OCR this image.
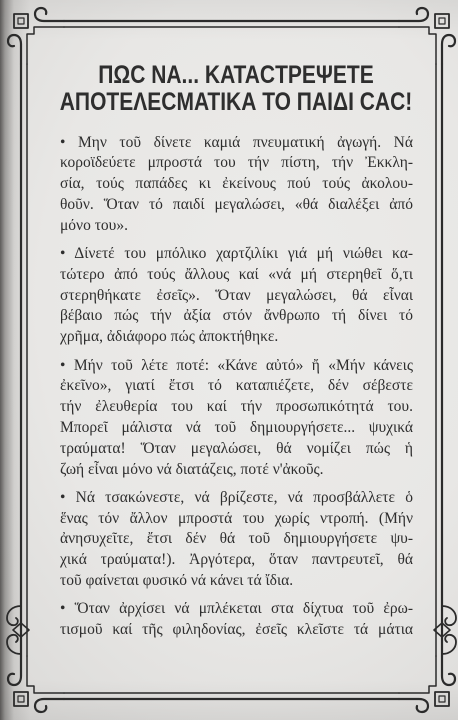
ΠΩϹ ΝΑ... ΚΑΤΑϹΤΡΕΨΕΤΕ
ΑΠΟΤΕΛΕϹΜΑΤΙΚΑ ΤΟ ΠΑΙΔΙ ϹΑϹ!
• Μην τοῦ δίνετε καμιά πνευματική ἀγωγή. Νά
κοροϊδεύετε μπροστά του τήν πίστη, τήν Ἐκκλη-
σία, τούς παπάδες κι ἐκείνους πού τούς ἀκολου-
θοῦν. Ὅταν τό παιδί μεγαλώσει, «θά διαλέξει ἀπό
μόνο του».
• Δίνετέ του μπόλικο χαρτζιλίκι γιά μή νιώθει κα-
τώτερο ἀπό τούς ἄλλους καί «νά μή στερηθεῖ ὅ,τι
στερηθήκατε ἐσεῖς». Ὅταν μεγαλώσει, θά εἶναι
βέβαιο πώς τήν ἀξία στόν ἄνθρωπο τή δίνει τό
χρῆμα, ἀδιάφορο πώς ἀποκτήθηκε.
• Μήν τοῦ λέτε ποτέ: «Κάνε αὐτό» ἤ «Μήν κάνεις
ἐκεῖνο», γιατί ἔτσι τό καταπιέζετε, δέν σέβεστε
τήν ἐλευθερία του καί τήν προσωπικότητά του.
Μπορεῖ μάλιστα νά τοῦ δημιουργήσετε... ψυχικά
τραύματα! Ὅταν μεγαλώσει, θά νομίζει πώς ἡ
ζωή εἶναι μόνο νά διατάζεις, ποτέ ν'ἀκοῦς.
• Νά τσακώνεστε, νά βρίζεστε, νά προσβάλλετε ὁ
ἕνας τόν ἄλλον μπροστά του χωρίς ντροπή. (Μήν
ἀνησυχεῖτε, ἔτσι δέν θά τοῦ δημιουργήσετε ψυ-
χικά τραύματα!). Ἀργότερα, ὅταν παντρευτεῖ, θά
τοῦ φαίνεται φυσικό νά κάνει τά ἴδια.
• Ὅταν ἀρχίσει νά μπλέκεται στα δίχτυα τοῦ ἐρω-
τισμοῦ καί τῆς φιληδονίας, ἐσεῖς κλεῖστε τά μάτια
